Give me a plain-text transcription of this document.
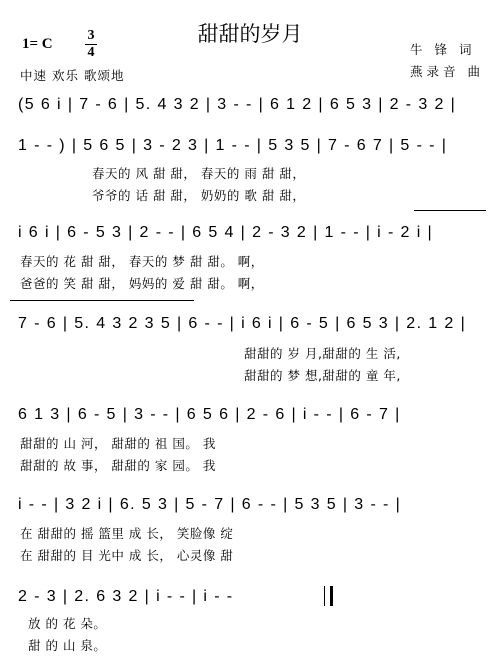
甜甜的岁月
1= C
3
4
中速 欢乐 歌颂地
牛 锋 词
燕录音 曲
(5 6 i | 7 - 6 | 5. 4 3 2 | 3 - - | 6 1 2 | 6 5 3 | 2 - 3 2 |
1 - - ) | 5 6 5 | 3 - 2 3 | 1 - - | 5 3 5 | 7 - 6 7 | 5 - - |
春天的 风 甜 甜， 春天的 雨 甜 甜，
爷爷的 话 甜 甜， 奶奶的 歌 甜 甜，
i 6 i | 6 - 5 3 | 2 - - | 6 5 4 | 2 - 3 2 | 1 - - | i - 2 i |
春天的 花 甜 甜， 春天的 梦 甜 甜。 啊，
爸爸的 笑 甜 甜， 妈妈的 爱 甜 甜。 啊，
7 - 6 | 5. 4 3 2 3 5 | 6 - - | i 6 i | 6 - 5 | 6 5 3 | 2. 1 2 |
甜甜的 岁 月,甜甜的 生 活,
甜甜的 梦 想,甜甜的 童 年,
6 1 3 | 6 - 5 | 3 - - | 6 5 6 | 2 - 6 | i - - | 6 - 7 |
甜甜的 山 河， 甜甜的 祖 国。 我
甜甜的 故 事， 甜甜的 家 园。 我
i - - | 3 2 i | 6. 5 3 | 5 - 7 | 6 - - | 5 3 5 | 3 - - |
在 甜甜的 摇 篮里 成 长， 笑脸像 绽
在 甜甜的 目 光中 成 长， 心灵像 甜
2 - 3 | 2. 6 3 2 | i - - | i - -
放 的 花 朵。
甜 的 山 泉。
